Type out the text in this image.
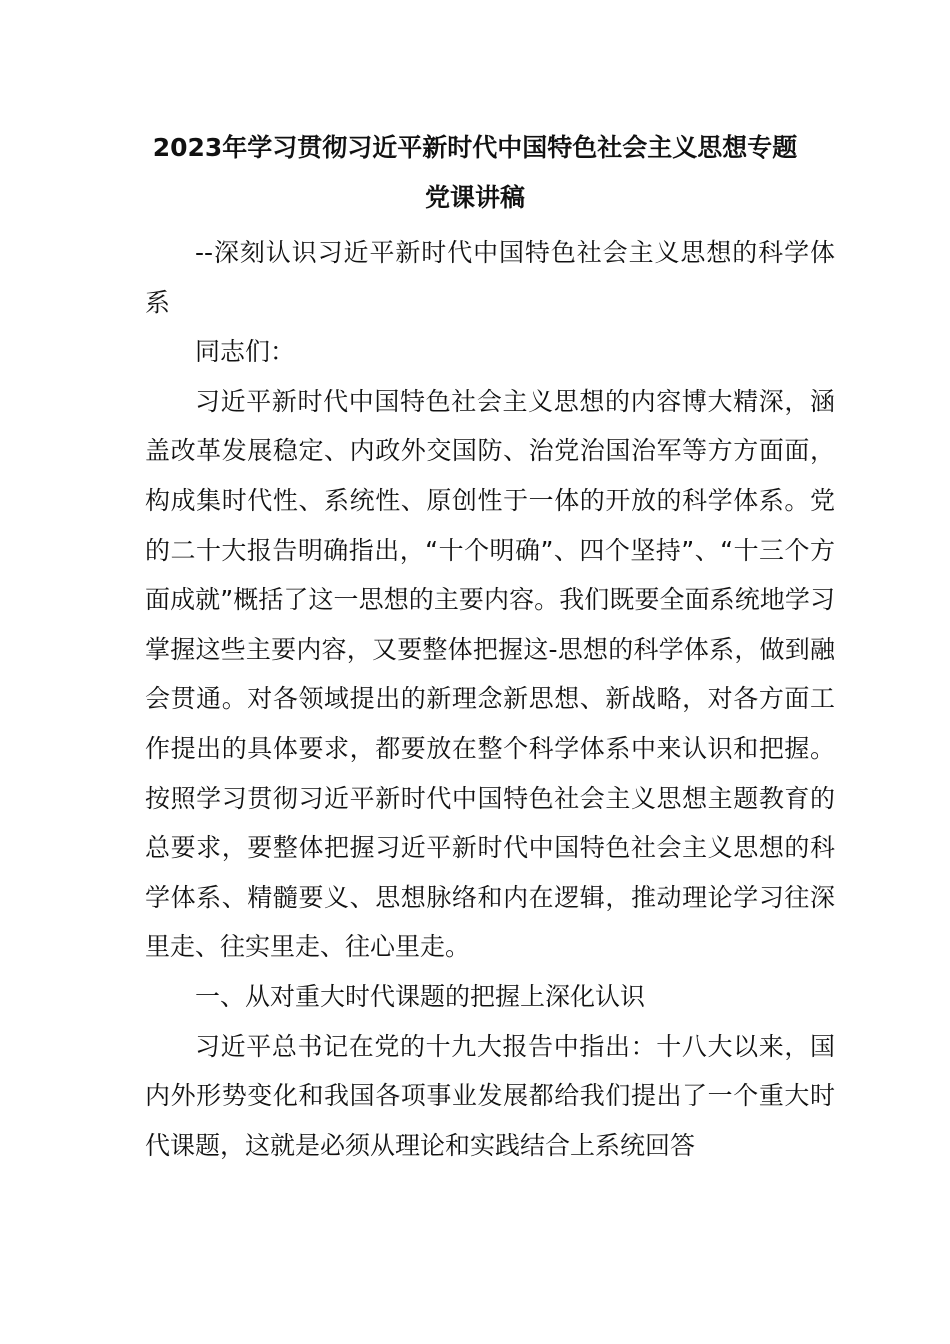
2023年学习贯彻习近平新时代中国特色社会主义思想专题
党课讲稿

--深刻认识习近平新时代中国特色社会主义思想的科学体系

同志们：

习近平新时代中国特色社会主义思想的内容博大精深，涵盖改革发展稳定、内政外交国防、治党治国治军等方方面面，构成集时代性、系统性、原创性于一体的开放的科学体系。党的二十大报告明确指出，“十个明确”、四个坚持”、“十三个方面成就”概括了这一思想的主要内容。我们既要全面系统地学习掌握这些主要内容，又要整体把握这-思想的科学体系，做到融会贯通。对各领域提出的新理念新思想、新战略，对各方面工作提出的具体要求，都要放在整个科学体系中来认识和把握。按照学习贯彻习近平新时代中国特色社会主义思想主题教育的总要求，要整体把握习近平新时代中国特色社会主义思想的科学体系、精髓要义、思想脉络和内在逻辑，推动理论学习往深里走、往实里走、往心里走。

一、从对重大时代课题的把握上深化认识

习近平总书记在党的十九大报告中指出：十八大以来，国内外形势变化和我国各项事业发展都给我们提出了一个重大时代课题，这就是必须从理论和实践结合上系统回答
